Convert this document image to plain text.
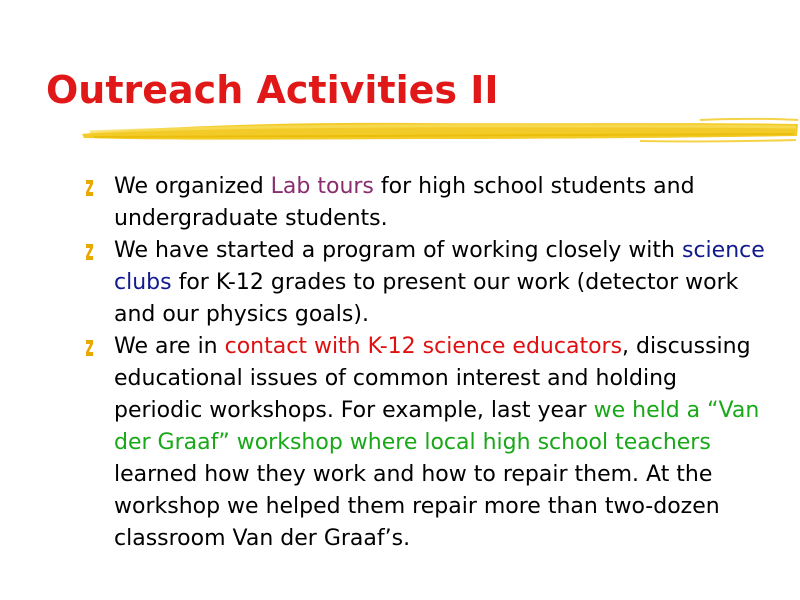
Outreach Activities II
We organized Lab tours for high school students and undergraduate students.
We have started a program of working closely with science clubs for K-12 grades to present our work (detector work and our physics goals).
We are in contact with K-12 science educators, discussing educational issues of common interest and holding periodic workshops. For example, last year we held a “Van der Graaf” workshop where local high school teachers learned how they work and how to repair them. At the workshop we helped them repair more than two-dozen classroom Van der Graaf’s.
